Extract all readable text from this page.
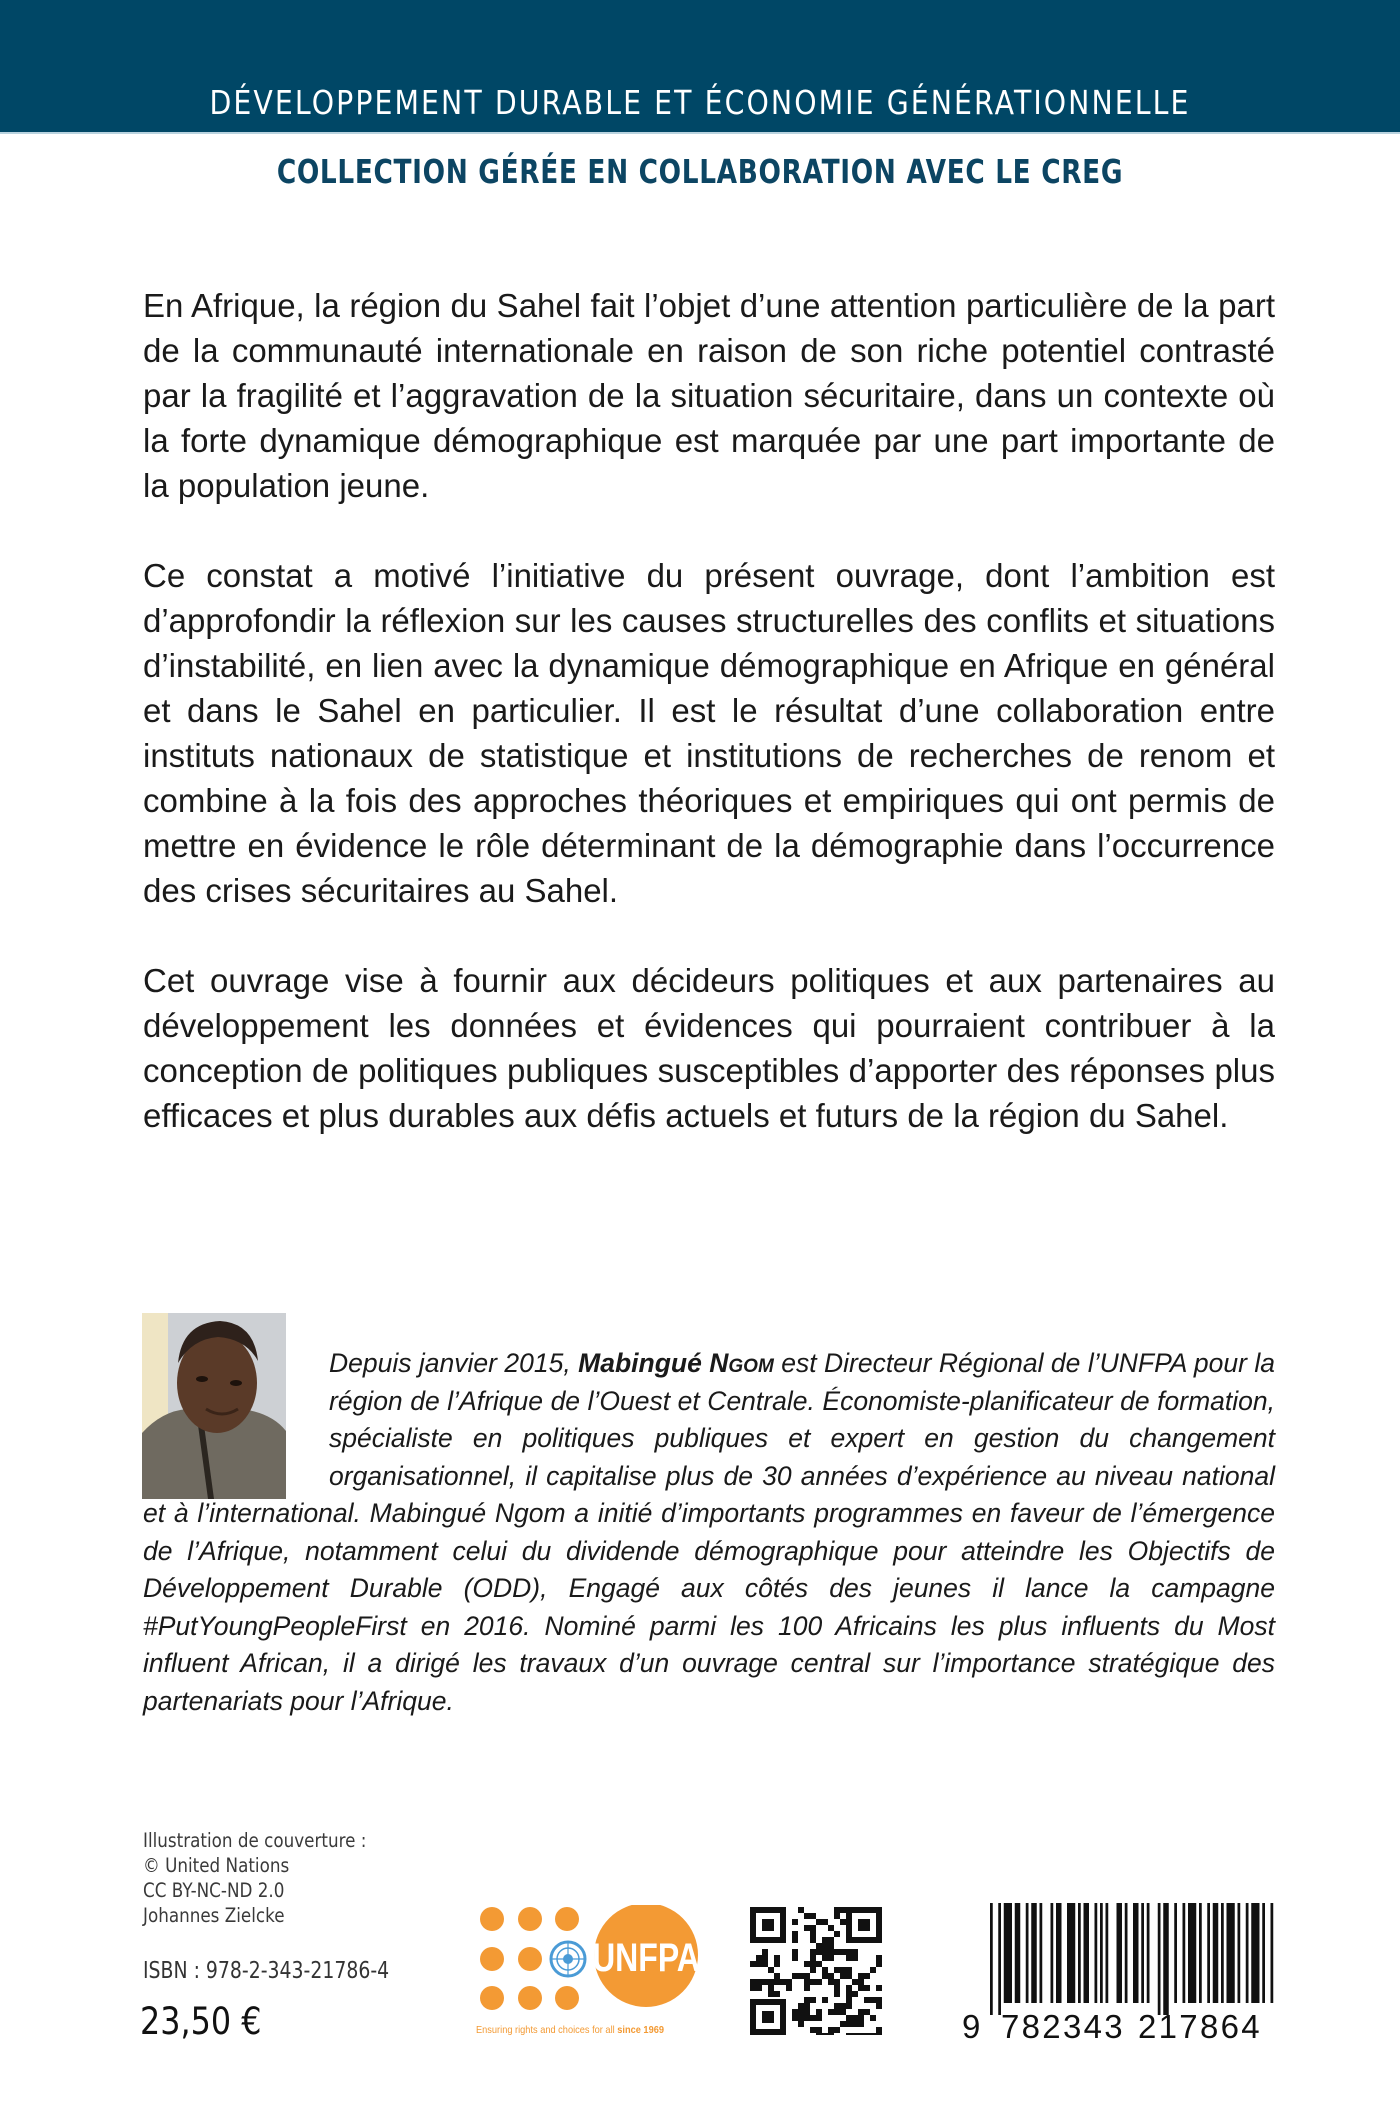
DÉVELOPPEMENT DURABLE ET ÉCONOMIE GÉNÉRATIONNELLE
COLLECTION GÉRÉE EN COLLABORATION AVEC LE CREG

En Afrique, la région du Sahel fait l’objet d’une attention particulière de la part de la communauté internationale en raison de son riche potentiel contrasté par la fragilité et l’aggravation de la situation sécuritaire, dans un contexte où la forte dynamique démographique est marquée par une part importante de la population jeune.

Ce constat a motivé l’initiative du présent ouvrage, dont l’ambition est d’approfondir la réflexion sur les causes structurelles des conflits et situations d’instabilité, en lien avec la dynamique démographique en Afrique en général et dans le Sahel en particulier. Il est le résultat d’une collaboration entre instituts nationaux de statistique et institutions de recherches de renom et combine à la fois des approches théoriques et empiriques qui ont permis de mettre en évidence le rôle déterminant de la démographie dans l’occurrence des crises sécuritaires au Sahel.

Cet ouvrage vise à fournir aux décideurs politiques et aux partenaires au développement les données et évidences qui pourraient contribuer à la conception de politiques publiques susceptibles d’apporter des réponses plus efficaces et plus durables aux défis actuels et futurs de la région du Sahel.

Depuis janvier 2015, Mabingué Ngom est Directeur Régional de l’UNFPA pour la région de l’Afrique de l’Ouest et Centrale. Économiste-planificateur de formation, spécialiste en politiques publiques et expert en gestion du changement organisationnel, il capitalise plus de 30 années d’expérience au niveau national et à l’international. Mabingué Ngom a initié d’importants programmes en faveur de l’émergence de l’Afrique, notamment celui du dividende démographique pour atteindre les Objectifs de Développement Durable (ODD), Engagé aux côtés des jeunes il lance la campagne #PutYoungPeopleFirst en 2016. Nominé parmi les 100 Africains les plus influents du Most influent African, il a dirigé les travaux d’un ouvrage central sur l’importance stratégique des partenariats pour l’Afrique.

Illustration de couverture :
© United Nations
CC BY-NC-ND 2.0
Johannes Zielcke
ISBN : 978-2-343-21786-4
23,50 €
UNFPA
Ensuring rights and choices for all since 1969	9 782343 217864
